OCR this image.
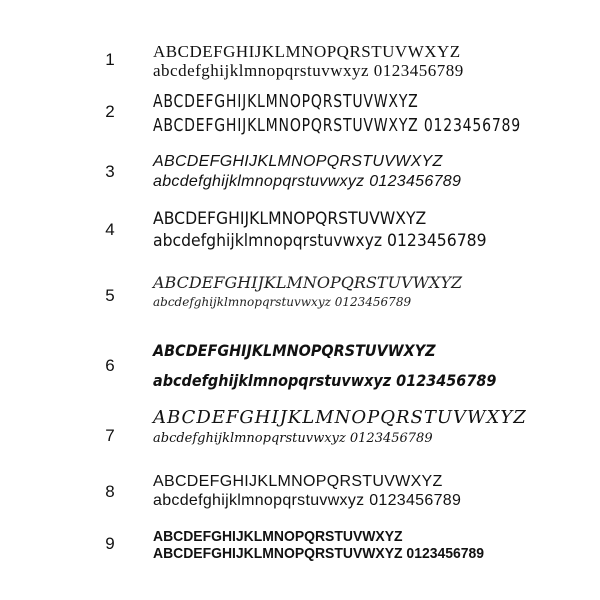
1	ABCDEFGHIJKLMNOPQRSTUVWXYZ
abcdefghijklmnopqrstuvwxyz 0123456789
2 ABCDEFGHIJKLMNOPQRSTUVWXYZ
ABCDEFGHIJKLMNOPQRSTUVWXYZ 0123456789
3
ABCDEFGHIJKLMNOPQRSTUVWXYZ
abcdefghijklmnopqrstuvwxyz 0123456789
4
ABCDEFGHIJKLMNOPQRSTUVWXYZ
abcdefghijklmnopqrstuvwxyz 0123456789
5
ABCDEFGHIJKLMNOPQRSTUVWXYZ
abcdefghijklmnopqrstuvwxyz 0123456789
6
ABCDEFGHIJKLMNOPQRSTUVWXYZ
abcdefghijklmnopqrstuvwxyz 0123456789
7
ABCDEFGHIJKLMNOPQRSTUVWXYZ
abcdefghijklmnopqrstuvwxyz 0123456789
8
ABCDEFGHIJKLMNOPQRSTUVWXYZ
abcdefghijklmnopqrstuvwxyz 0123456789
9	ABCDEFGHIJKLMNOPQRSTUVWXYZ
ABCDEFGHIJKLMNOPQRSTUVWXYZ 0123456789
